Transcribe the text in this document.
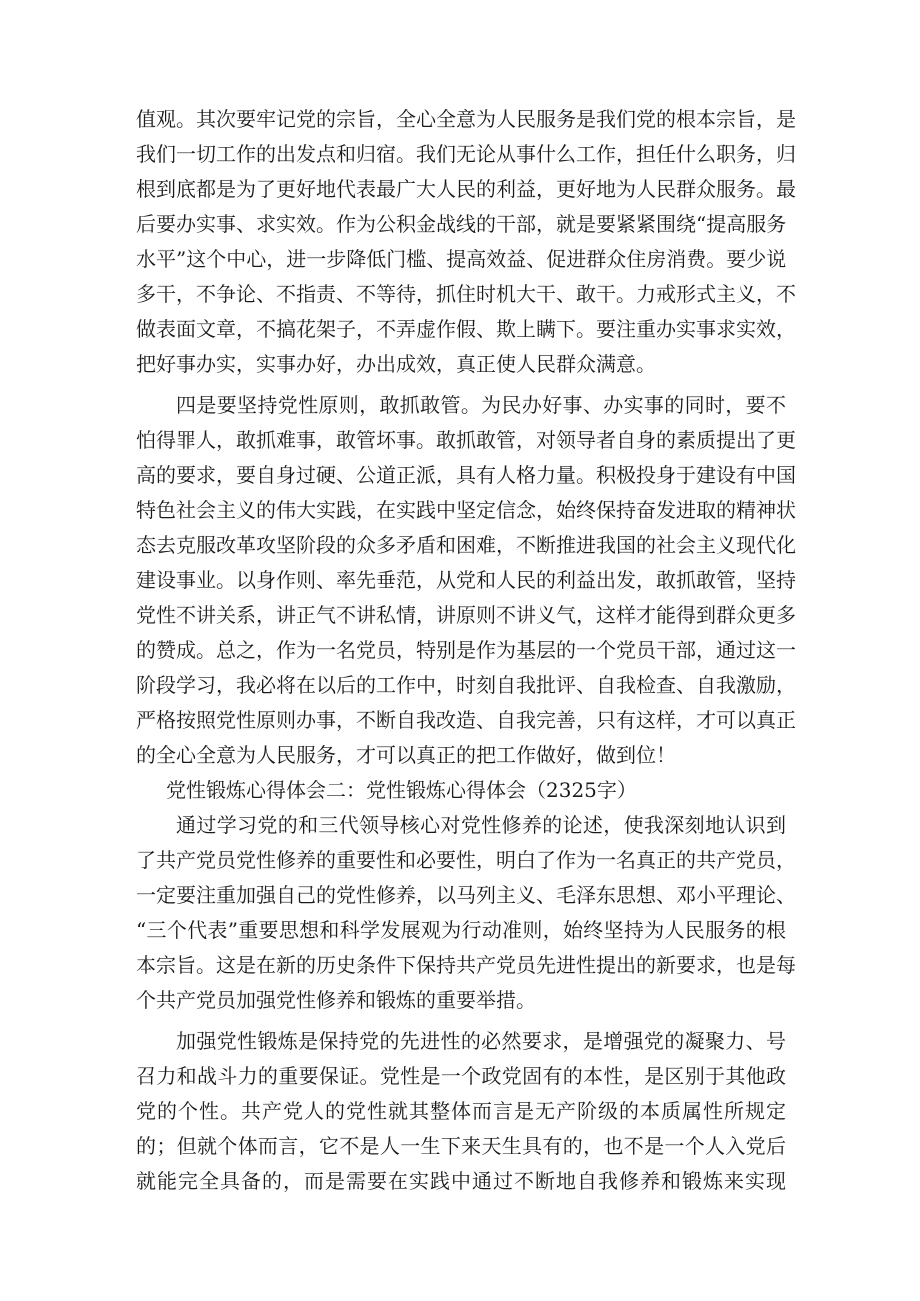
值观。其次要牢记党的宗旨，全心全意为人民服务是我们党的根本宗旨，是
我们一切工作的出发点和归宿。我们无论从事什么工作，担任什么职务，归
根到底都是为了更好地代表最广大人民的利益，更好地为人民群众服务。最
后要办实事、求实效。作为公积金战线的干部，就是要紧紧围绕“提高服务
水平”这个中心，进一步降低门槛、提高效益、促进群众住房消费。要少说
多干，不争论、不指责、不等待，抓住时机大干、敢干。力戒形式主义，不
做表面文章，不搞花架子，不弄虚作假、欺上瞒下。要注重办实事求实效，
把好事办实，实事办好，办出成效，真正使人民群众满意。
四是要坚持党性原则，敢抓敢管。为民办好事、办实事的同时，要不
怕得罪人，敢抓难事，敢管坏事。敢抓敢管，对领导者自身的素质提出了更
高的要求，要自身过硬、公道正派，具有人格力量。积极投身于建设有中国
特色社会主义的伟大实践，在实践中坚定信念，始终保持奋发进取的精神状
态去克服改革攻坚阶段的众多矛盾和困难，不断推进我国的社会主义现代化
建设事业。以身作则、率先垂范，从党和人民的利益出发，敢抓敢管，坚持
党性不讲关系，讲正气不讲私情，讲原则不讲义气，这样才能得到群众更多
的赞成。总之，作为一名党员，特别是作为基层的一个党员干部，通过这一
阶段学习，我必将在以后的工作中，时刻自我批评、自我检查、自我激励，
严格按照党性原则办事，不断自我改造、自我完善，只有这样，才可以真正
的全心全意为人民服务，才可以真正的把工作做好，做到位！
党性锻炼心得体会二：党性锻炼心得体会（2325字）
通过学习党的和三代领导核心对党性修养的论述，使我深刻地认识到
了共产党员党性修养的重要性和必要性，明白了作为一名真正的共产党员，
一定要注重加强自己的党性修养，以马列主义、毛泽东思想、邓小平理论、
“三个代表”重要思想和科学发展观为行动准则，始终坚持为人民服务的根
本宗旨。这是在新的历史条件下保持共产党员先进性提出的新要求，也是每
个共产党员加强党性修养和锻炼的重要举措。
加强党性锻炼是保持党的先进性的必然要求，是增强党的凝聚力、号
召力和战斗力的重要保证。党性是一个政党固有的本性，是区别于其他政
党的个性。共产党人的党性就其整体而言是无产阶级的本质属性所规定
的；但就个体而言，它不是人一生下来天生具有的，也不是一个人入党后
就能完全具备的，而是需要在实践中通过不断地自我修养和锻炼来实现
